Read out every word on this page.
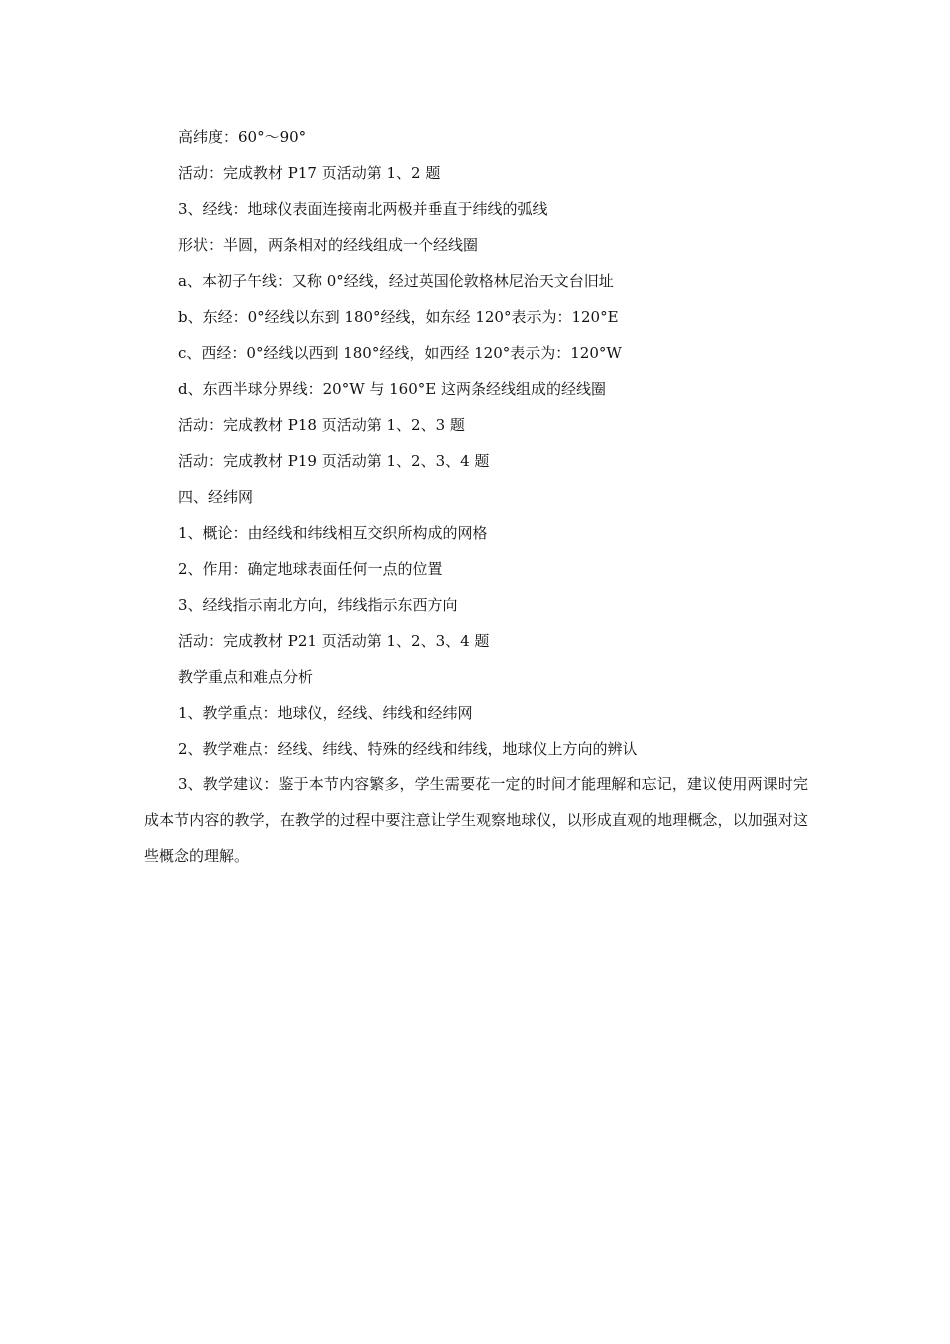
高纬度：60°～90°
活动：完成教材 P17 页活动第 1、2 题
3、经线：地球仪表面连接南北两极并垂直于纬线的弧线
形状：半圆，两条相对的经线组成一个经线圈
a、本初子午线：又称 0°经线，经过英国伦敦格林尼治天文台旧址
b、东经：0°经线以东到 180°经线，如东经 120°表示为：120°E
c、西经：0°经线以西到 180°经线，如西经 120°表示为：120°W
d、东西半球分界线：20°W 与 160°E 这两条经线组成的经线圈
活动：完成教材 P18 页活动第 1、2、3 题
活动：完成教材 P19 页活动第 1、2、3、4 题
四、经纬网
1、概论：由经线和纬线相互交织所构成的网格
2、作用：确定地球表面任何一点的位置
3、经线指示南北方向，纬线指示东西方向
活动：完成教材 P21 页活动第 1、2、3、4 题
教学重点和难点分析
1、教学重点：地球仪，经线、纬线和经纬网
2、教学难点：经线、纬线、特殊的经线和纬线，地球仪上方向的辨认
3、教学建议：鉴于本节内容繁多，学生需要花一定的时间才能理解和忘记，建议使用两课时完成本节内容的教学，在教学的过程中要注意让学生观察地球仪，以形成直观的地理概念，以加强对这些概念的理解。
